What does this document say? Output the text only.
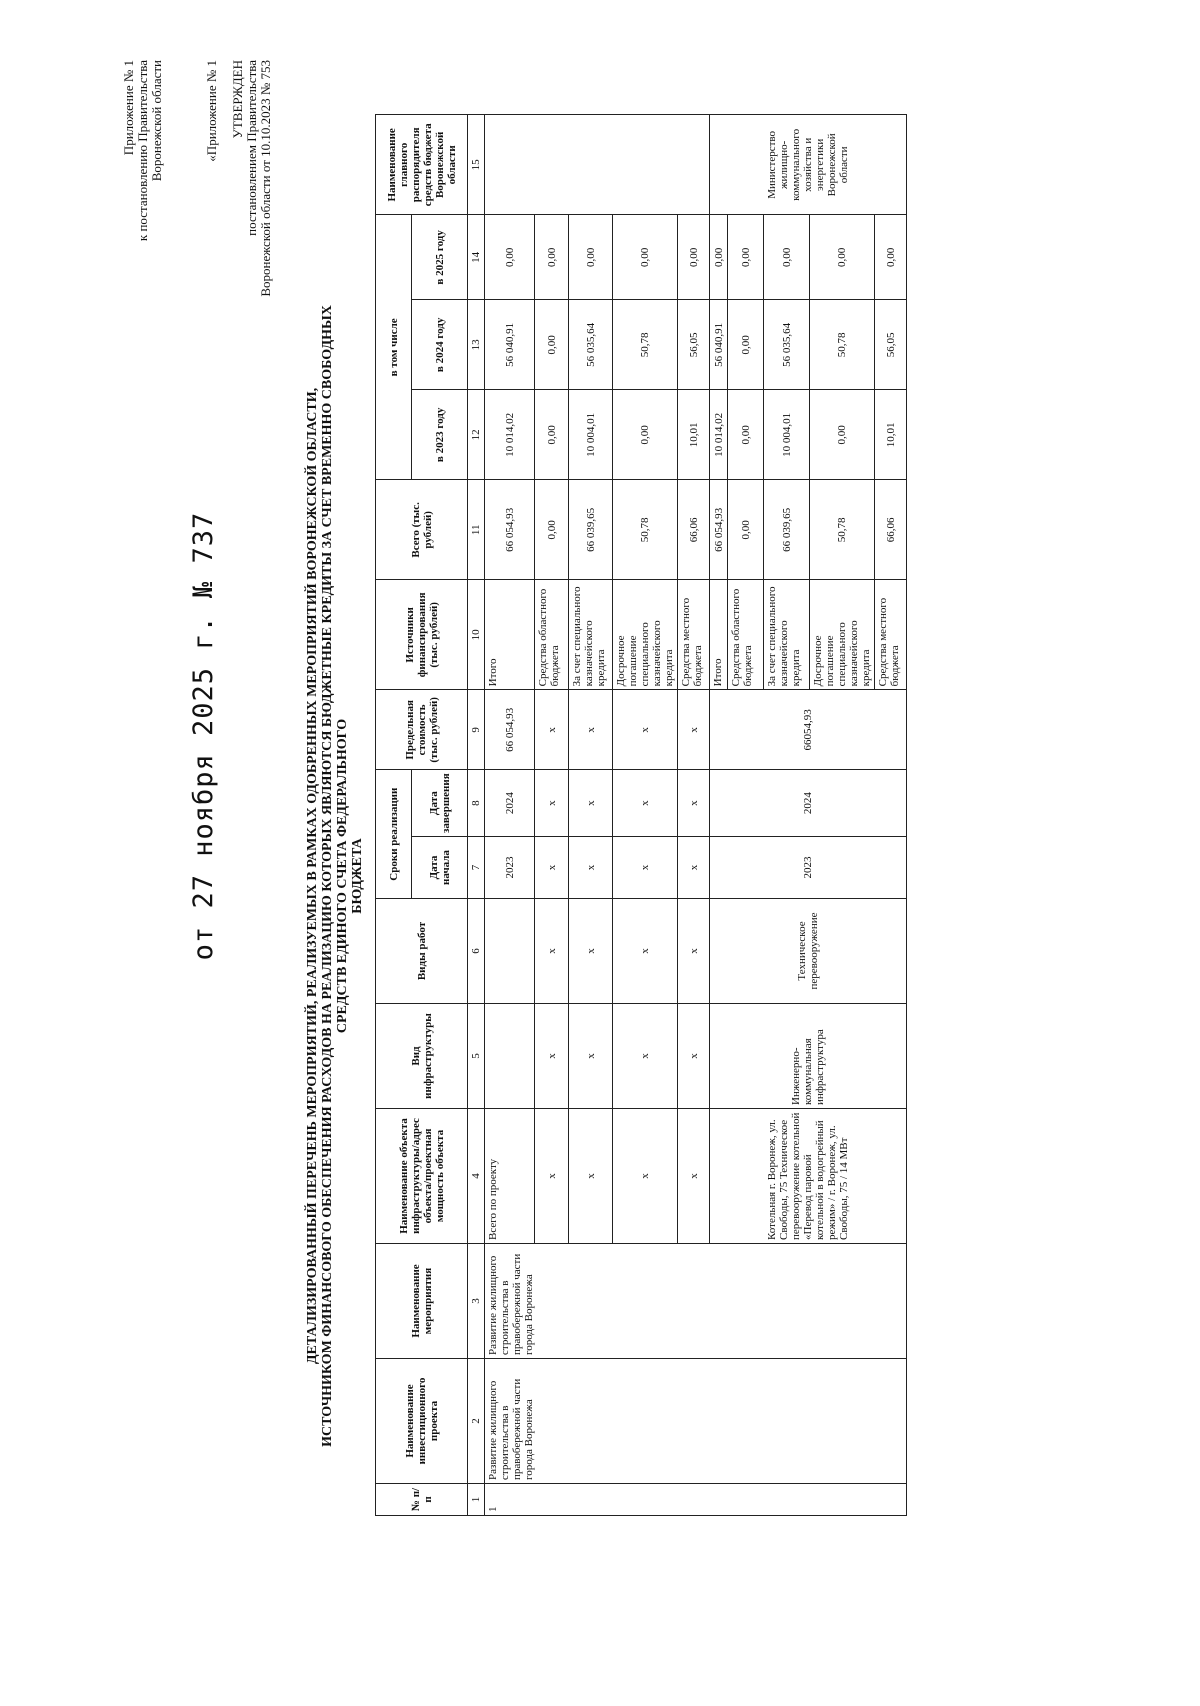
Приложение № 1 к постановлению Правительства Воронежской области
от 27 ноября 2025 г. № 737
«Приложение № 1 УТВЕРЖДЕН постановлением Правительства Воронежской области от 10.10.2023 № 753
ДЕТАЛИЗИРОВАННЫЙ ПЕРЕЧЕНЬ МЕРОПРИЯТИЙ, РЕАЛИЗУЕМЫХ В РАМКАХ ОДОБРЕННЫХ МЕРОПРИЯТИЙ ВОРОНЕЖСКОЙ ОБЛАСТИ, ИСТОЧНИКОМ ФИНАНСОВОГО ОБЕСПЕЧЕНИЯ РАСХОДОВ НА РЕАЛИЗАЦИЮ КОТОРЫХ ЯВЛЯЮТСЯ БЮДЖЕТНЫЕ КРЕДИТЫ ЗА СЧЕТ ВРЕМЕННО СВОБОДНЫХ СРЕДСТВ ЕДИНОГО СЧЕТА ФЕДЕРАЛЬНОГО БЮДЖЕТА
№ п/п	Наименование инвестиционного проекта	Наименование мероприятия	Наименование объекта инфраструктуры/адрес объекта/проектная мощность объекта	Вид инфраструктуры	Виды работ	Сроки реализации		Предельная стоимость (тыс. рублей)	Источники финансирования (тыс. рублей)	Всего (тыс. рублей)	в том числе			Наименование главного распорядителя средств бюджета Воронежской области
						Дата начала	Дата завершения				в 2023 году	в 2024 году	в 2025 году	

1	2	3	4	5	6	7	8	9	10	11	12	13	14	15
1	Развитие жилищного строительства в правобережной части города Воронежа	Развитие жилищного строительства в правобережной части города Воронежа	Всего по проекту			2023	2024	66 054,93	Итого	66 054,93	10 014,02	56 040,91	0,00	
			х	х	х	х	х	х	Средства областного бюджета	0,00	0,00	0,00	0,00	
			х	х	х	х	х	х	За счет специального казначейского кредита	66 039,65	10 004,01	56 035,64	0,00	
			х	х	х	х	х	х	Досрочное погашение специального казначейского кредита	50,78	0,00	50,78	0,00	
			х	х	х	х	х	х	Средства местного бюджета	66,06	10,01	56,05	0,00	
			Котельная г. Воронеж, ул. Свободы, 75 Техническое перевооружение котельной «Перевод паровой котельной в водогрейный режим» / г. Воронеж, ул. Свободы, 75 / 14 МВт	Инженерно-коммунальная инфраструктура	Техническое перевооружение	2023	2024	66054,93	Итого	66 054,93	10 014,02	56 040,91	0,00	Министерство жилищно-коммунального хозяйства и энергетики Воронежской области
									Средства областного бюджета	0,00	0,00	0,00	0,00	
									За счет специального казначейского кредита	66 039,65	10 004,01	56 035,64	0,00	
									Досрочное погашение специального казначейского кредита	50,78	0,00	50,78	0,00	
									Средства местного бюджета	66,06	10,01	56,05	0,00	
